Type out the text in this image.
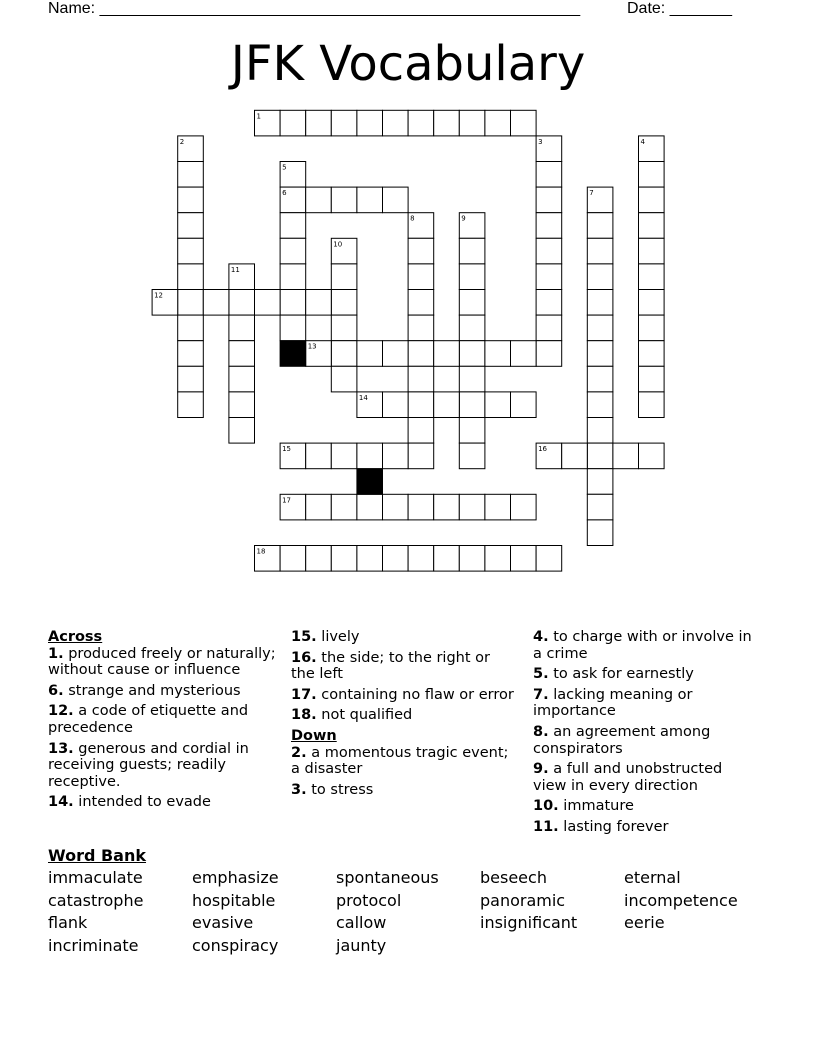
Name: ______________________________________________________	Date: _______
JFK Vocabulary
1
2	3	4
5
6	7
8	9
10
11
12
13
14
15	16
17
18
Across
1. produced freely or naturally; without cause or influence
6. strange and mysterious
12. a code of etiquette and precedence
13. generous and cordial in receiving guests; readily receptive.
14. intended to evade
15. lively
16. the side; to the right or the left
17. containing no flaw or error
18. not qualified
Down
2. a momentous tragic event; a disaster
3. to stress
4. to charge with or involve in a crime
5. to ask for earnestly
7. lacking meaning or importance
8. an agreement among conspirators
9. a full and unobstructed view in every direction
10. immature
11. lasting forever
Word Bank
immaculate
catastrophe
flank
incriminate
emphasize
hospitable
evasive
conspiracy
spontaneous
protocol
callow
jaunty
beseech
panoramic
insignificant
eternal
incompetence
eerie
